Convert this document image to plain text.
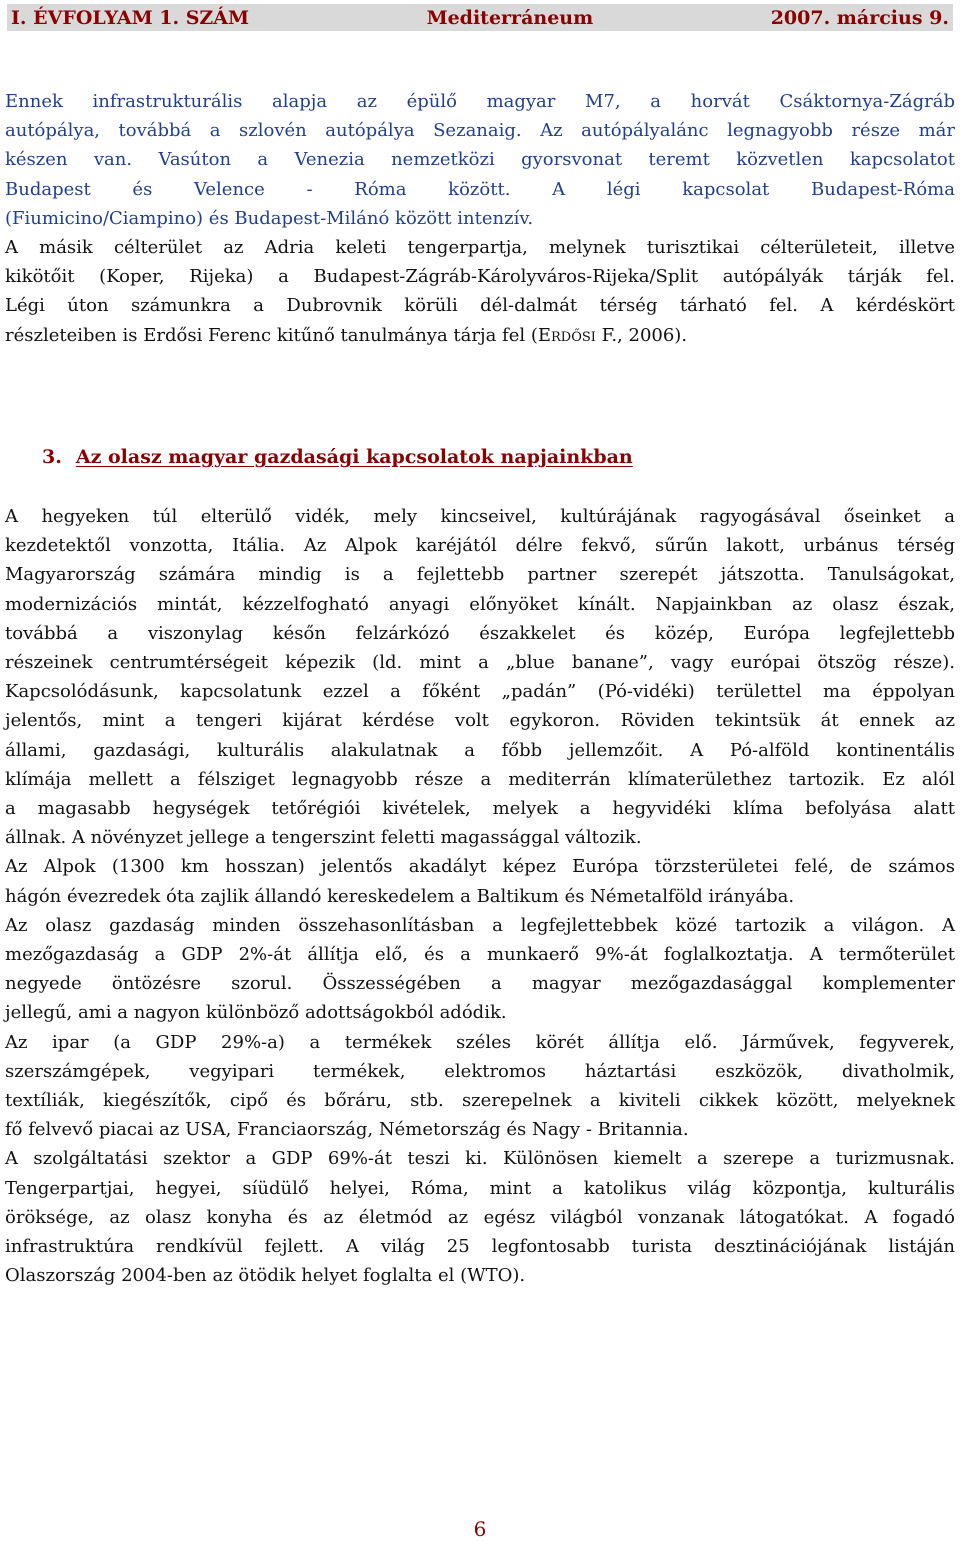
I. ÉVFOLYAM 1. SZÁM	Mediterráneum	2007. március 9.
Ennek infrastrukturális alapja az épülő magyar M7, a horvát Csáktornya-Zágráb
autópálya, továbbá a szlovén autópálya Sezanaig. Az autópályalánc legnagyobb része már
készen van. Vasúton a Venezia nemzetközi gyorsvonat teremt közvetlen kapcsolatot
Budapest és Velence - Róma között. A légi kapcsolat Budapest-Róma
(Fiumicino/Ciampino) és Budapest-Milánó között intenzív.
A másik célterület az Adria keleti tengerpartja, melynek turisztikai célterületeit, illetve
kikötőit (Koper, Rijeka) a Budapest-Zágráb-Károlyváros-Rijeka/Split autópályák tárják fel.
Légi úton számunkra a Dubrovnik körüli dél-dalmát térség tárható fel. A kérdéskört
részleteiben is Erdősi Ferenc kitűnő tanulmánya tárja fel (Erdősi F., 2006).
3. Az olasz magyar gazdasági kapcsolatok napjainkban
A hegyeken túl elterülő vidék, mely kincseivel, kultúrájának ragyogásával őseinket a
kezdetektől vonzotta, Itália. Az Alpok karéjától délre fekvő, sűrűn lakott, urbánus térség
Magyarország számára mindig is a fejlettebb partner szerepét játszotta. Tanulságokat,
modernizációs mintát, kézzelfogható anyagi előnyöket kínált. Napjainkban az olasz észak,
továbbá a viszonylag későn felzárkózó északkelet és közép, Európa legfejlettebb
részeinek centrumtérségeit képezik (ld. mint a „blue banane”, vagy európai ötszög része).
Kapcsolódásunk, kapcsolatunk ezzel a főként „padán” (Pó-vidéki) területtel ma éppolyan
jelentős, mint a tengeri kijárat kérdése volt egykoron. Röviden tekintsük át ennek az
állami, gazdasági, kulturális alakulatnak a főbb jellemzőit. A Pó-alföld kontinentális
klímája mellett a félsziget legnagyobb része a mediterrán klímaterülethez tartozik. Ez alól
a magasabb hegységek tetőrégiói kivételek, melyek a hegyvidéki klíma befolyása alatt
állnak. A növényzet jellege a tengerszint feletti magassággal változik.
Az Alpok (1300 km hosszan) jelentős akadályt képez Európa törzsterületei felé, de számos
hágón évezredek óta zajlik állandó kereskedelem a Baltikum és Németalföld irányába.
Az olasz gazdaság minden összehasonlításban a legfejlettebbek közé tartozik a világon. A
mezőgazdaság a GDP 2%-át állítja elő, és a munkaerő 9%-át foglalkoztatja. A termőterület
negyede öntözésre szorul. Összességében a magyar mezőgazdasággal komplementer
jellegű, ami a nagyon különböző adottságokból adódik.
Az ipar (a GDP 29%-a) a termékek széles körét állítja elő. Járművek, fegyverek,
szerszámgépek, vegyipari termékek, elektromos háztartási eszközök, divatholmik,
textíliák, kiegészítők, cipő és bőráru, stb. szerepelnek a kiviteli cikkek között, melyeknek
fő felvevő piacai az USA, Franciaország, Németország és Nagy - Britannia.
A szolgáltatási szektor a GDP 69%-át teszi ki. Különösen kiemelt a szerepe a turizmusnak.
Tengerpartjai, hegyei, síüdülő helyei, Róma, mint a katolikus világ központja, kulturális
öröksége, az olasz konyha és az életmód az egész világból vonzanak látogatókat. A fogadó
infrastruktúra rendkívül fejlett. A világ 25 legfontosabb turista desztinációjának listáján
Olaszország 2004-ben az ötödik helyet foglalta el (WTO).
6
